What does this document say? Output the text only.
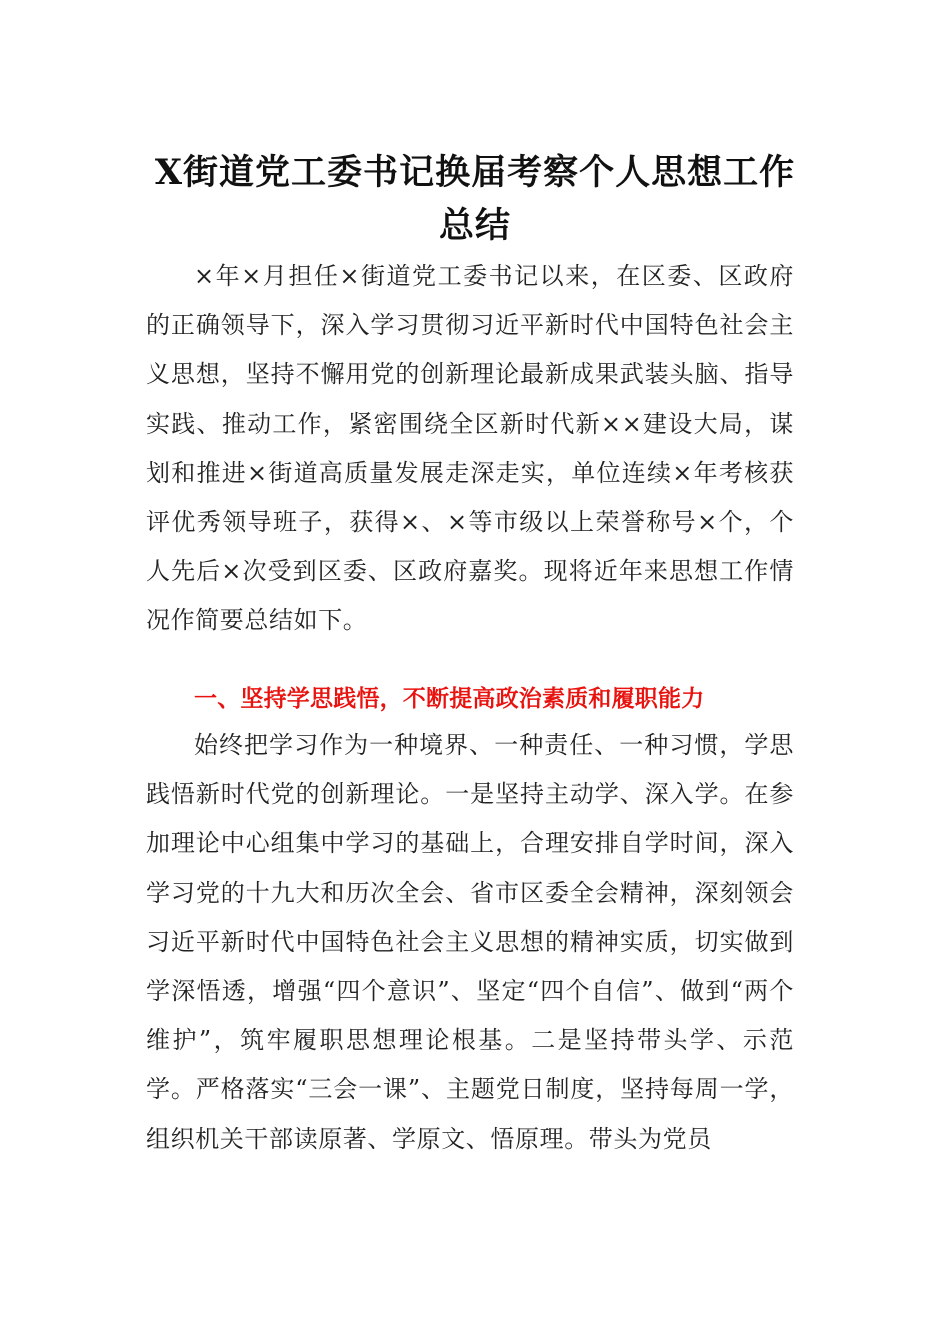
X街道党工委书记换届考察个人思想工作总结

×年×月担任×街道党工委书记以来，在区委、区政府的正确领导下，深入学习贯彻习近平新时代中国特色社会主义思想，坚持不懈用党的创新理论最新成果武装头脑、指导实践、推动工作，紧密围绕全区新时代新××建设大局，谋划和推进×街道高质量发展走深走实，单位连续×年考核获评优秀领导班子，获得×、×等市级以上荣誉称号×个，个人先后×次受到区委、区政府嘉奖。现将近年来思想工作情况作简要总结如下。

一、坚持学思践悟，不断提高政治素质和履职能力

始终把学习作为一种境界、一种责任、一种习惯，学思践悟新时代党的创新理论。一是坚持主动学、深入学。在参加理论中心组集中学习的基础上，合理安排自学时间，深入学习党的十九大和历次全会、省市区委全会精神，深刻领会习近平新时代中国特色社会主义思想的精神实质，切实做到学深悟透，增强“四个意识”、坚定“四个自信”、做到“两个维护”，筑牢履职思想理论根基。二是坚持带头学、示范学。严格落实“三会一课”、主题党日制度，坚持每周一学，组织机关干部读原著、学原文、悟原理。带头为党员
